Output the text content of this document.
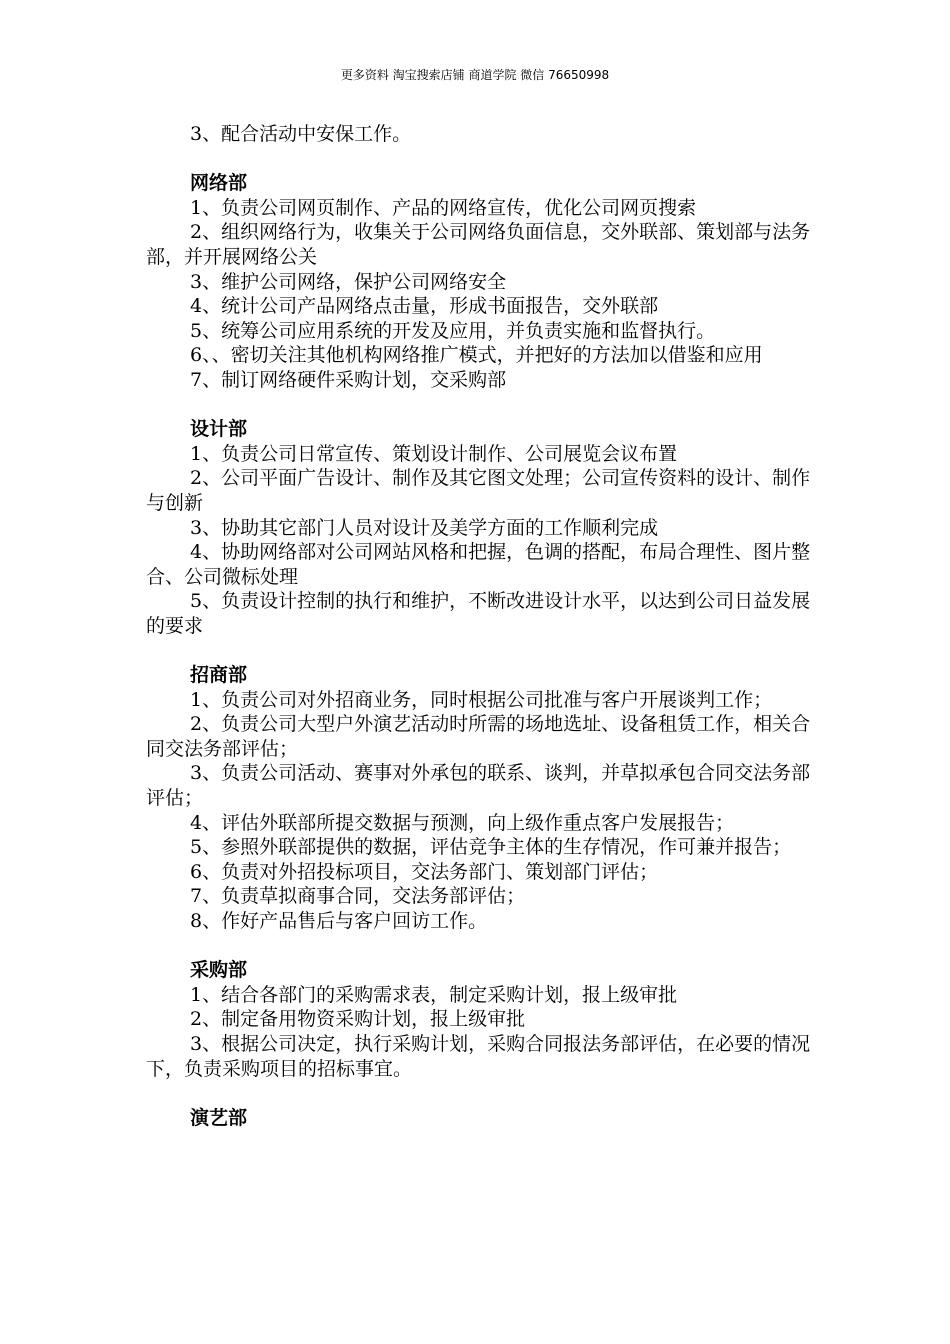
更多资料 淘宝搜索店铺 商道学院 微信 76650998

3、配合活动中安保工作。

网络部

1、负责公司网页制作、产品的网络宣传，优化公司网页搜索

2、组织网络行为，收集关于公司网络负面信息，交外联部、策划部与法务部，并开展网络公关

3、维护公司网络，保护公司网络安全

4、统计公司产品网络点击量，形成书面报告，交外联部

5、统筹公司应用系统的开发及应用，并负责实施和监督执行。

6、、密切关注其他机构网络推广模式，并把好的方法加以借鉴和应用

7、制订网络硬件采购计划，交采购部

设计部

1、负责公司日常宣传、策划设计制作、公司展览会议布置

2、公司平面广告设计、制作及其它图文处理；公司宣传资料的设计、制作与创新

3、协助其它部门人员对设计及美学方面的工作顺利完成

4、协助网络部对公司网站风格和把握，色调的搭配，布局合理性、图片整合、公司微标处理

5、负责设计控制的执行和维护，不断改进设计水平，以达到公司日益发展的要求

招商部

1、负责公司对外招商业务，同时根据公司批准与客户开展谈判工作；

2、负责公司大型户外演艺活动时所需的场地选址、设备租赁工作，相关合同交法务部评估；

3、负责公司活动、赛事对外承包的联系、谈判，并草拟承包合同交法务部评估；

4、评估外联部所提交数据与预测，向上级作重点客户发展报告；

5、参照外联部提供的数据，评估竞争主体的生存情况，作可兼并报告；

6、负责对外招投标项目，交法务部门、策划部门评估；

7、负责草拟商事合同，交法务部评估；

8、作好产品售后与客户回访工作。

采购部

1、结合各部门的采购需求表，制定采购计划，报上级审批

2、制定备用物资采购计划，报上级审批

3、根据公司决定，执行采购计划，采购合同报法务部评估，在必要的情况下，负责采购项目的招标事宜。

演艺部
